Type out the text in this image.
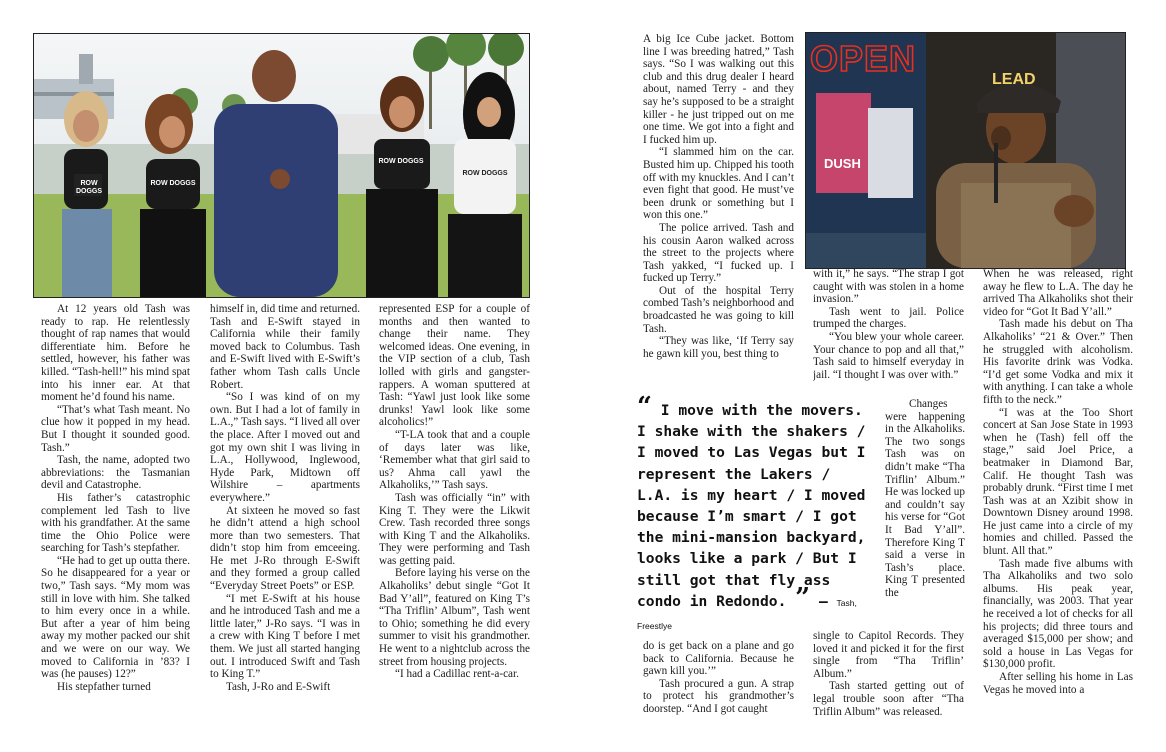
ROW DOGGS
ROW DOGGS
ROW DOGGS
ROW DOGGS

At 12 years old Tash was ready to rap. He relentlessly thought of rap names that would differentiate him. Before he settled, however, his father was killed. “Tash-hell!” his mind spat into his inner ear. At that moment he’d found his name.

“That’s what Tash meant. No clue how it popped in my head. But I thought it sounded good. Tash.”

Tash, the name, adopted two abbreviations: the Tasmanian devil and Catastrophe.

His father’s catastrophic complement led Tash to live with his grandfather. At the same time the Ohio Police were searching for Tash’s stepfather.

“He had to get up outta there. So he disappeared for a year or two,” Tash says. “My mom was still in love with him. She talked to him every once in a while. But after a year of him being away my mother packed our shit and we were on our way. We moved to California in ’83? I was (he pauses) 12?”

His stepfather turned

himself in, did time and returned. Tash and E-Swift stayed in California while their family moved back to Columbus. Tash and E-Swift lived with E-Swift’s father whom Tash calls Uncle Robert.

“So I was kind of on my own. But I had a lot of family in L.A.,” Tash says. “I lived all over the place. After I moved out and got my own shit I was living in L.A., Hollywood, Inglewood, Hyde Park, Midtown off Wilshire – apartments everywhere.”

At sixteen he moved so fast he didn’t attend a high school more than two semesters. That didn’t stop him from emceeing. He met J-Ro through E-Swift and they formed a group called “Everyday Street Poets” or ESP.

“I met E-Swift at his house and he introduced Tash and me a little later,” J-Ro says. “I was in a crew with King T before I met them. We just all started hanging out. I introduced Swift and Tash to King T.”

Tash, J-Ro and E-Swift

represented ESP for a couple of months and then wanted to change their name. They welcomed ideas. One evening, in the VIP section of a club, Tash lolled with girls and gangster-rappers. A woman sputtered at Tash: “Yawl just look like some drunks! Yawl look like some alcoholics!”

“T-LA took that and a couple of days later was like, ‘Remember what that girl said to us? Ahma call yawl the Alkaholiks,’” Tash says.

Tash was officially “in” with King T. They were the Likwit Crew. Tash recorded three songs with King T and the Alkaholiks. They were performing and Tash was getting paid.

Before laying his verse on the Alkaholiks’ debut single “Got It Bad Y’all”, featured on King T’s “Tha Triflin’ Album”, Tash went to Ohio; something he did every summer to visit his grandmother. He went to a nightclub across the street from housing projects.

“I had a Cadillac rent-a-car.

A big Ice Cube jacket. Bottom line I was breeding hatred,” Tash says. “So I was walking out this club and this drug dealer I heard about, named Terry - and they say he’s supposed to be a straight killer - he just tripped out on me one time. We got into a fight and I fucked him up.

“I slammed him on the car. Busted him up. Chipped his tooth off with my knuckles. And I can’t even fight that good. He must’ve been drunk or something but I won this one.”

The police arrived. Tash and his cousin Aaron walked across the street to the projects where Tash yakked, “I fucked up. I fucked up Terry.”

Out of the hospital Terry combed Tash’s neighborhood and broadcasted he was going to kill Tash.

“They was like, ‘If Terry say he gawn kill you, best thing to

“ I move with the movers. I shake with the shakers / I moved to Las Vegas but I represent the Lakers / L.A. is my heart / I moved because I’m smart / I got the mini-mansion backyard, looks like a park / But I still got that fly ass condo in Redondo. ” – Tash, Freestlye

do is get back on a plane and go back to California. Because he gawn kill you.’”

Tash procured a gun. A strap to protect his grandmother’s doorstep. “And I got caught

OPEN
LEAD
DUSH

with it,” he says. “The strap I got caught with was stolen in a home invasion.”

Tash went to jail. Police trumped the charges.

“You blew your whole career. Your chance to pop and all that,” Tash said to himself everyday in jail. “I thought I was over with.”

Changes were happening in the Alkaholiks. The two songs Tash was on didn’t make “Tha Triflin’ Album.” He was locked up and couldn’t say his verse for “Got It Bad Y’all”. Therefore King T said a verse in Tash’s place. King T presented the

single to Capitol Records. They loved it and picked it for the first single from “Tha Triflin’ Album.”

Tash started getting out of legal trouble soon after “Tha Triflin Album” was released.

When he was released, right away he flew to L.A. The day he arrived Tha Alkaholiks shot their video for “Got It Bad Y’all.”

Tash made his debut on Tha Alkaholiks’ “21 & Over.” Then he struggled with alcoholism. His favorite drink was Vodka. “I’d get some Vodka and mix it with anything. I can take a whole fifth to the neck.”

“I was at the Too Short concert at San Jose State in 1993 when he (Tash) fell off the stage,” said Joel Price, a beatmaker in Diamond Bar, Calif. He thought Tash was probably drunk. “First time I met Tash was at an Xzibit show in Downtown Disney around 1998. He just came into a circle of my homies and chilled. Passed the blunt. All that.”

Tash made five albums with Tha Alkaholiks and two solo albums. His peak year, financially, was 2003. That year he received a lot of checks for all his projects; did three tours and averaged $15,000 per show; and sold a house in Las Vegas for $130,000 profit.

After selling his home in Las Vegas he moved into a
